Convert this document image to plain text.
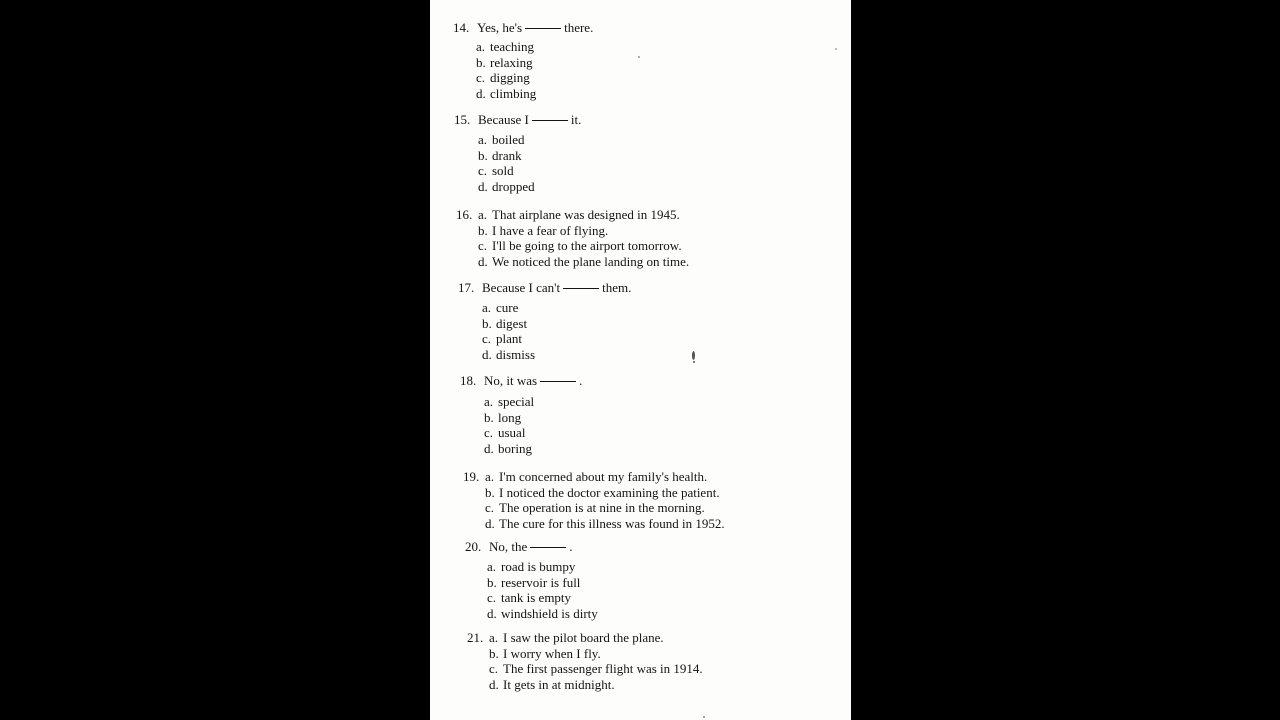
14. Yes, he's	there.
a. teaching
b. relaxing
c. digging
d. climbing
15. Because I	it.
a. boiled
b. drank
c. sold
d. dropped
16. a. That airplane was designed in 1945.
b. I have a fear of flying.
c. I'll be going to the airport tomorrow.
d. We noticed the plane landing on time.
17. Because I can't	them.
a. cure
b. digest
c. plant
d. dismiss
18. No, it was	.
a. special
b. long
c. usual
d. boring
19. a. I'm concerned about my family's health.
b. I noticed the doctor examining the patient.
c. The operation is at nine in the morning.
d. The cure for this illness was found in 1952.
20. No, the	.
a. road is bumpy
b. reservoir is full
c. tank is empty
d. windshield is dirty
21. a. I saw the pilot board the plane.
b. I worry when I fly.
c. The first passenger flight was in 1914.
d. It gets in at midnight.
